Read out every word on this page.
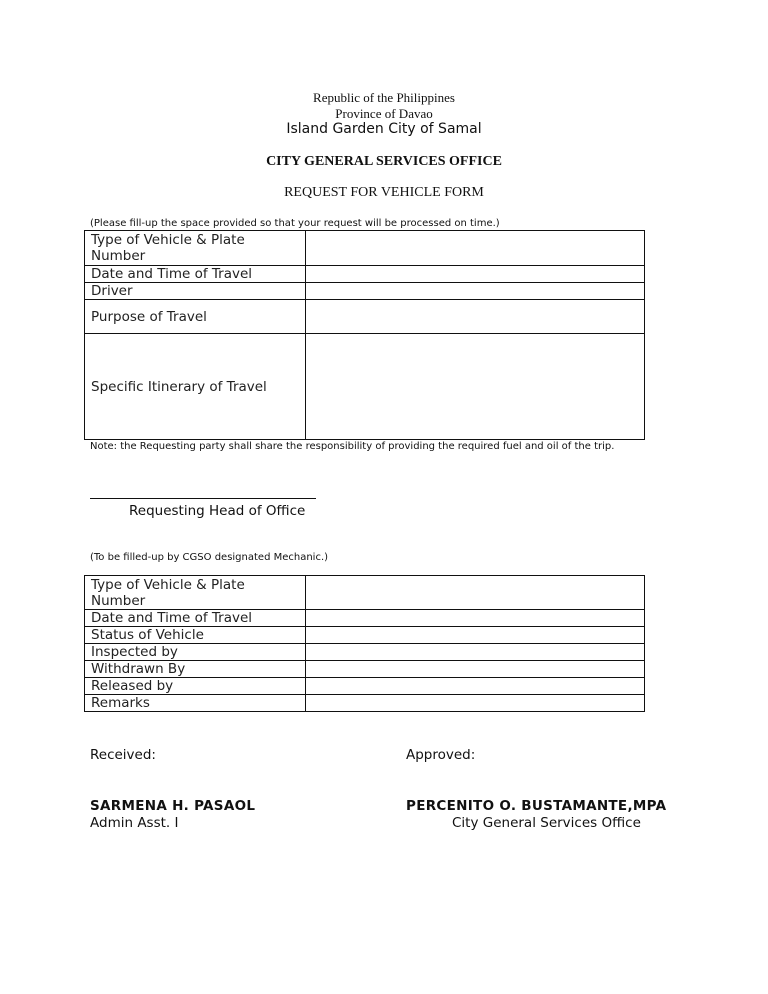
Republic of the Philippines
Province of Davao
Island Garden City of Samal
CITY GENERAL SERVICES OFFICE
REQUEST FOR VEHICLE FORM
(Please fill-up the space provided so that your request will be processed on time.)
Type of Vehicle & Plate Number	
Date and Time of Travel	
Driver	
Purpose of Travel	
Specific Itinerary of Travel	
Note: the Requesting party shall share the responsibility of providing the required fuel and oil of the trip.
Requesting Head of Office
(To be filled-up by CGSO designated Mechanic.)
Type of Vehicle & Plate Number	
Date and Time of Travel	
Status of Vehicle	
Inspected by	
Withdrawn By	
Released by	
Remarks	
Received:	Approved:
SARMENA H. PASAOL
Admin Asst. I
PERCENITO O. BUSTAMANTE,MPA
City General Services Office
